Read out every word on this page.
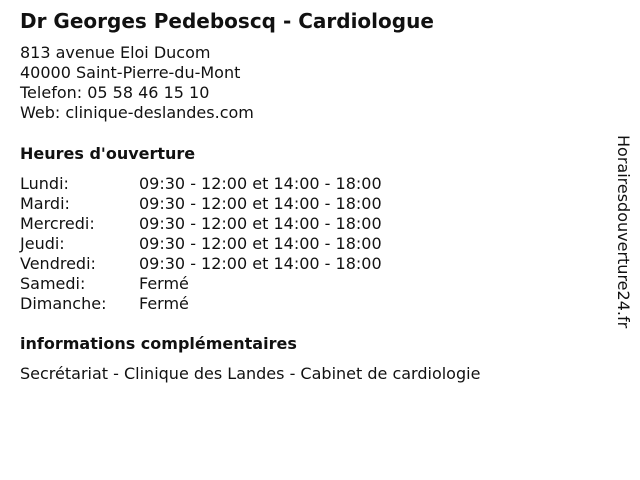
Dr Georges Pedeboscq - Cardiologue
813 avenue Eloi Ducom
40000 Saint-Pierre-du-Mont
Telefon: 05 58 46 15 10
Web: clinique-deslandes.com
Heures d'ouverture
Lundi:	09:30 - 12:00 et 14:00 - 18:00
Mardi:	09:30 - 12:00 et 14:00 - 18:00
Mercredi:	09:30 - 12:00 et 14:00 - 18:00
Jeudi:	09:30 - 12:00 et 14:00 - 18:00
Vendredi:	09:30 - 12:00 et 14:00 - 18:00
Samedi:	Fermé
Dimanche:	Fermé
informations complémentaires
Secrétariat - Clinique des Landes - Cabinet de cardiologie
Horairesdouverture24.fr
